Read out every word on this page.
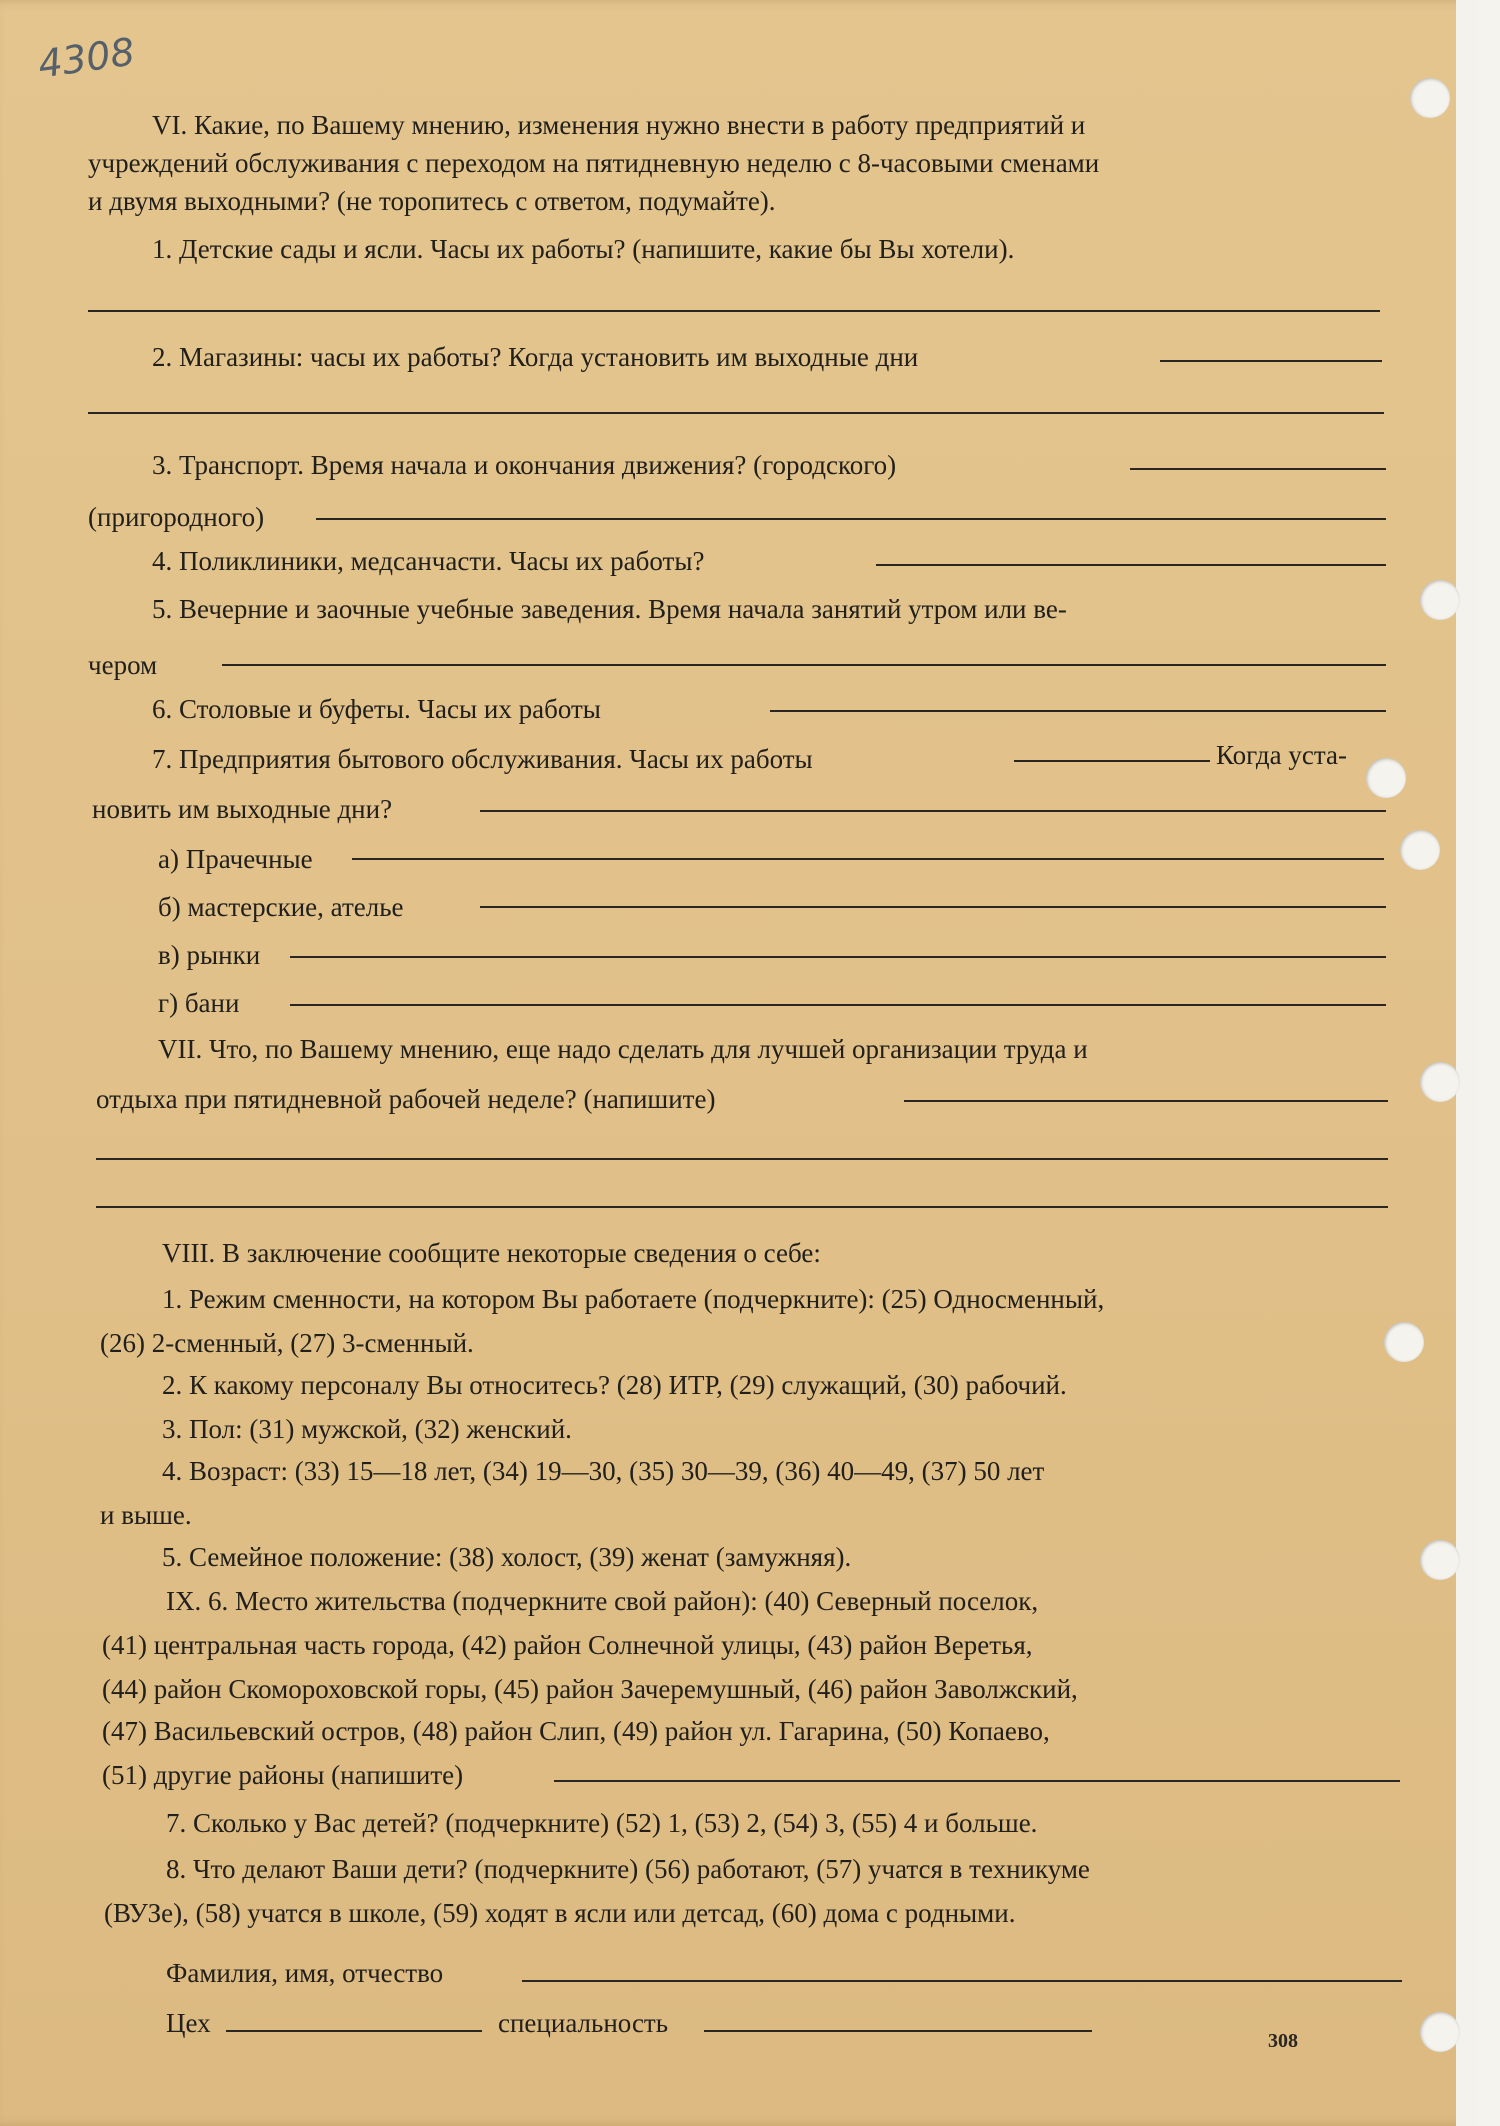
4308
VI. Какие, по Вашему мнению, изменения нужно внести в работу предприятий и
учреждений обслуживания с переходом на пятидневную неделю с 8-часовыми сменами
и двумя выходными? (не торопитесь с ответом, подумайте).
1. Детские сады и ясли. Часы их работы? (напишите, какие бы Вы хотели).
2. Магазины: часы их работы? Когда установить им выходные дни
3. Транспорт. Время начала и окончания движения? (городского)
(пригородного)
4. Поликлиники, медсанчасти. Часы их работы?
5. Вечерние и заочные учебные заведения. Время начала занятий утром или ве-
чером
6. Столовые и буфеты. Часы их работы
7. Предприятия бытового обслуживания. Часы их работы	Когда уста-
новить им выходные дни?
а) Прачечные
б) мастерские, ателье
в) рынки
г) бани
VII. Что, по Вашему мнению, еще надо сделать для лучшей организации труда и
отдыха при пятидневной рабочей неделе? (напишите)
VIII. В заключение сообщите некоторые сведения о себе:
1. Режим сменности, на котором Вы работаете (подчеркните): (25) Односменный,
(26) 2-сменный, (27) 3-сменный.
2. К какому персоналу Вы относитесь? (28) ИТР, (29) служащий, (30) рабочий.
3. Пол: (31) мужской, (32) женский.
4. Возраст: (33) 15—18 лет, (34) 19—30, (35) 30—39, (36) 40—49, (37) 50 лет
и выше.
5. Семейное положение: (38) холост, (39) женат (замужняя).
IX. 6. Место жительства (подчеркните свой район): (40) Северный поселок,
(41) центральная часть города, (42) район Солнечной улицы, (43) район Веретья,
(44) район Скомороховской горы, (45) район Зачеремушный, (46) район Заволжский,
(47) Васильевский остров, (48) район Слип, (49) район ул. Гагарина, (50) Копаево,
(51) другие районы (напишите)
7. Сколько у Вас детей? (подчеркните) (52) 1, (53) 2, (54) 3, (55) 4 и больше.
8. Что делают Ваши дети? (подчеркните) (56) работают, (57) учатся в техникуме
(ВУЗе), (58) учатся в школе, (59) ходят в ясли или детсад, (60) дома с родными.
Фамилия, имя, отчество
Цех	специальность
308
